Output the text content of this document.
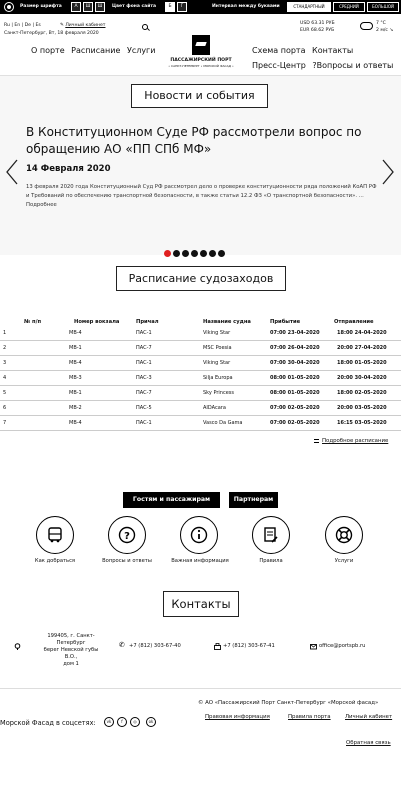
Размер шрифта	A	Ш	Ш	Цвет фона сайта	Б	Г	Интервал между буквами	СТАНДАРТНЫЙ	СРЕДНИЙ	БОЛЬШОЙ
Ru | En | De | Es	✎ Личный кабинет
Санкт-Петербург, Вт, 18 февраля 2020
USD 63.31 РУБ
EUR 68.62 РУБ
7 °C
2 м/с ↘
О порте Расписание Услуги
ПАССАЖИРСКИЙ ПОРТ
• САНКТ-ПЕТЕРБУРГ • МОРСКОЙ ФАСАД •
Схема порта Контакты
Пресс-Центр ?Вопросы и ответы
Новости и события
В Конституционном Суде РФ рассмотрели вопрос по обращению АО «ПП СПб МФ»
14 Февраля 2020
13 февраля 2020 года Конституционный Суд РФ рассмотрел дело о проверке конституционности ряда положений КоАП РФ и Требований по обеспечению транспортной безопасности, в также статьи 12.2 ФЗ «О транспортной безопасности». ... Подробнее
Расписание судозаходов
№ п/п	Номер вокзала	Причал	Название судна	Прибытие	Отправление
1	МВ-4	ПАС-1	Viking Star	07:00 23-04-2020	18:00 24-04-2020
2	МВ-1	ПАС-7	MSC Poesia	07:00 26-04-2020	20:00 27-04-2020
3	МВ-4	ПАС-1	Viking Star	07:00 30-04-2020	18:00 01-05-2020
4	МВ-3	ПАС-3	Silja Europa	08:00 01-05-2020	20:00 30-04-2020
5	МВ-1	ПАС-7	Sky Princess	08:00 01-05-2020	18:00 02-05-2020
6	МВ-2	ПАС-5	AIDAcara	07:00 02-05-2020	20:00 03-05-2020
7	МВ-4	ПАС-1	Vasco Da Gama	07:00 02-05-2020	16:15 03-05-2020
Подробное расписание
Гостям и пассажирам	Партнерам
Как добраться
?
Вопросы и ответы	Важная информация	Правила	Услуги
Контакты
199405, г. Санкт-
Петербург
берег Невской губы
В.О.,
дом 1
✆ +7 (812) 303-67-40	+7 (812) 303-67-41	office@portspb.ru
© АО «Пассажирский Порт Санкт-Петербург «Морской фасад»
Морской Фасад в соцсетях:	vk	f	◎	ok
Правовая информация	Правила порта	Личный кабинет
Обратная связь
